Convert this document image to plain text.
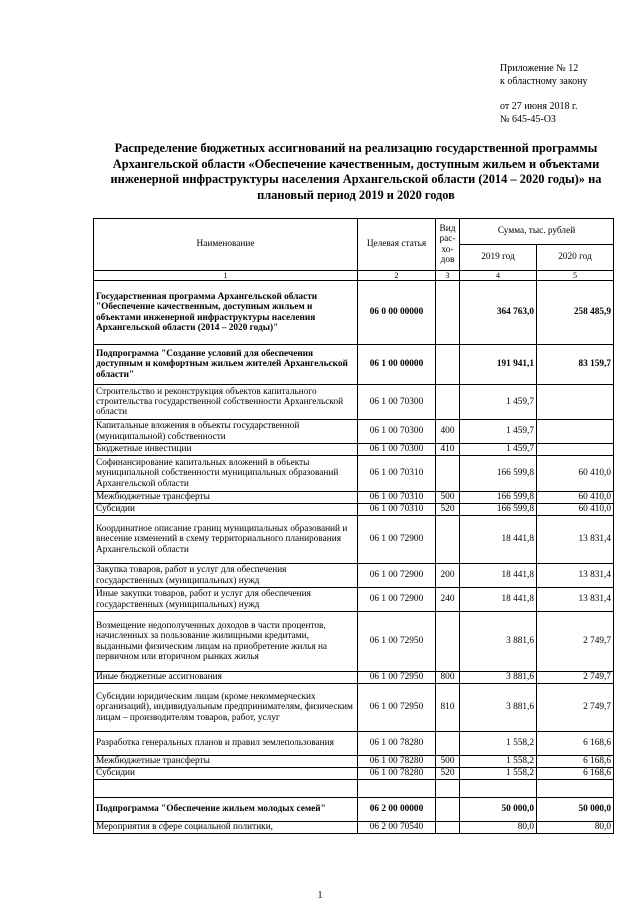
Приложение № 12
к областному закону
от 27 июня 2018 г.
№ 645-45-ОЗ
Распределение бюджетных ассигнований на реализацию государственной программы Архангельской области «Обеспечение качественным, доступным жильем и объектами инженерной инфраструктуры населения Архангельской области (2014 – 2020 годы)» на плановый период 2019 и 2020 годов
Наименование	Целевая статья	Вид рас-хо-дов	Сумма, тыс. рублей	
			2019 год	2020 год
1	2	3	4	5
Государственная программа Архангельской области "Обеспечение качественным, доступным жильем и объектами инженерной инфраструктуры населения Архангельской области (2014 – 2020 годы)"	06 0 00 00000		364 763,0	258 485,9
Подпрограмма "Создание условий для обеспечения доступным и комфортным жильем жителей Архангельской области"	06 1 00 00000		191 941,1	83 159,7
Строительство и реконструкция объектов капитального строительства государственной собственности Архангельской области	06 1 00 70300		1 459,7	
Капитальные вложения в объекты государственной (муниципальной) собственности	06 1 00 70300	400	1 459,7	
Бюджетные инвестиции	06 1 00 70300	410	1 459,7	
Софинансирование капитальных вложений в объекты муниципальной собственности муниципальных образований Архангельской области	06 1 00 70310		166 599,8	60 410,0
Межбюджетные трансферты	06 1 00 70310	500	166 599,8	60 410,0
Субсидии	06 1 00 70310	520	166 599,8	60 410,0
Координатное описание границ муниципальных образований и внесение изменений в схему территориального планирования Архангельской области	06 1 00 72900		18 441,8	13 831,4
Закупка товаров, работ и услуг для обеспечения государственных (муниципальных) нужд	06 1 00 72900	200	18 441,8	13 831,4
Иные закупки товаров, работ и услуг для обеспечения государственных (муниципальных) нужд	06 1 00 72900	240	18 441,8	13 831,4
Возмещение недополученных доходов в части процентов, начисленных за пользование жилищными кредитами, выданными физическим лицам на приобретение жилья на первичном или вторичном рынках жилья	06 1 00 72950		3 881,6	2 749,7
Иные бюджетные ассигнования	06 1 00 72950	800	3 881,6	2 749,7
Субсидии юридическим лицам (кроме некоммерческих организаций), индивидуальным предпринимателям, физическим лицам – производителям товаров, работ, услуг	06 1 00 72950	810	3 881,6	2 749,7
Разработка генеральных планов и правил землепользования	06 1 00 78280		1 558,2	6 168,6
Межбюджетные трансферты	06 1 00 78280	500	1 558,2	6 168,6
Субсидии	06 1 00 78280	520	1 558,2	6 168,6

Подпрограмма "Обеспечение жильем молодых семей"	06 2 00 00000		50 000,0	50 000,0
Мероприятия в сфере социальной политики,	06 2 00 70540		80,0	80,0
1
